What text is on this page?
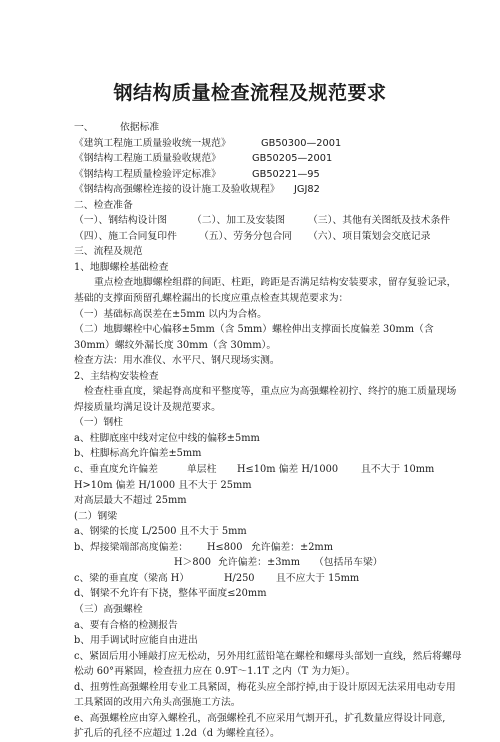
钢结构质量检查流程及规范要求
一、	依据标准
《建筑工程施工质量验收统一规范》	GB50300—2001
《钢结构工程施工质量验收规范》	GB50205—2001
《钢结构工程质量检验评定标准》	GB50221—95
《钢结构高强螺栓连接的设计施工及验收规程》	JGJ82
二、检查准备
（一）、钢结构设计图	（二）、加工及安装图	（三）、其他有关图纸及技术条件
（四）、施工合同复印件	（五）、劳务分包合同	（六）、项目策划会交底记录
三、流程及规范
1、地脚螺栓基础检查
重点检查地脚螺栓组群的间距、柱距，跨距是否满足结构安装要求，留存复验记录，
基础的支撑面预留孔螺栓漏出的长度应重点检查其规范要求为：
（一）基础标高误差在±5mm 以内为合格。
（二）地脚螺栓中心偏移±5mm（含 5mm）螺栓伸出支撑面长度偏差 30mm（含
30mm）螺纹外漏长度 30mm（含 30mm）。
检查方法：用水准仪、水平尺、钢尺现场实测。
2、主结构安装检查
检查柱垂直度，梁起脊高度和平整度等，重点应为高强螺栓初拧、终拧的施工质量现场
焊接质量均满足设计及规范要求。
（一）钢柱
a、柱脚底座中线对定位中线的偏移±5mm
b、柱脚标高允许偏差±5mm
c、垂直度允许偏差	单层柱	H≤10m 偏差 H/1000	且不大于 10mm
H>10m 偏差 H/1000 且不大于 25mm
对高层最大不超过 25mm
(二）钢梁
a、钢梁的长度 L/2500 且不大于 5mm
b、焊接梁端部高度偏差：	H≤800 允许偏差：±2mm
H＞800 允许偏差：±3mm	（包括吊车梁）
c、梁的垂直度（梁高 H）	H/250	且不应大于 15mm
d、钢梁不允许有下挠，整体平面度≤20mm
（三）高强螺栓
a、要有合格的检测报告
b、用手调试时应能自由进出
c、紧固后用小锤敲打应无松动，另外用红蓝铅笔在螺栓和螺母头部划一直线，然后将螺母
松动 60°再紧固，检查扭力应在 0.9T～1.1T 之内（T 为力矩）。
d、扭剪性高强螺栓用专业工具紧固，梅花头应全部拧掉,由于设计原因无法采用电动专用
工具紧固的改用六角头高强施工方法。
e、高强螺栓应由穿入螺栓孔，高强螺栓孔不应采用气割开孔，扩孔数量应得设计同意,
扩孔后的孔径不应超过 1.2d（d 为螺栓直径）。
